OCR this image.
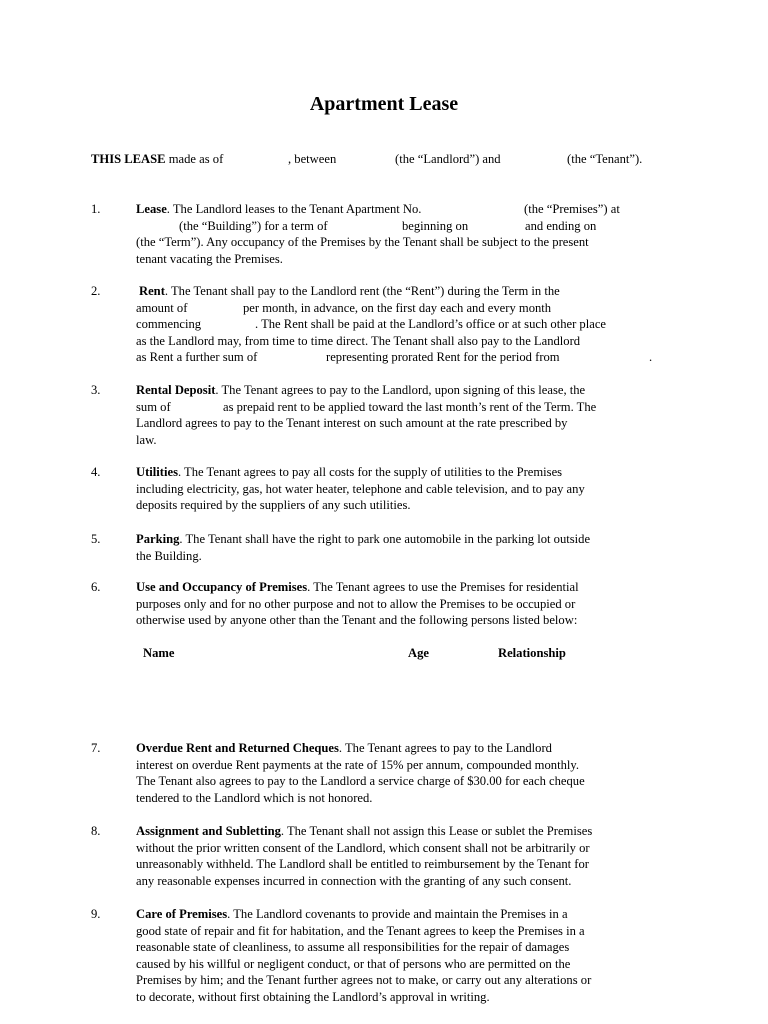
Apartment Lease
THIS LEASE made as of	, between	(the “Landlord”) and	(the “Tenant”).
1.	Lease. The Landlord leases to the Tenant Apartment No.	(the “Premises”) at
(the “Building”) for a term of	beginning on	and ending on
(the “Term”). Any occupancy of the Premises by the Tenant shall be subject to the present
tenant vacating the Premises.
2.	Rent. The Tenant shall pay to the Landlord rent (the “Rent”) during the Term in the
amount of	per month, in advance, on the first day each and every month
commencing	. The Rent shall be paid at the Landlord’s office or at such other place
as the Landlord may, from time to time direct. The Tenant shall also pay to the Landlord
as Rent a further sum of	representing prorated Rent for the period from	.
3.	Rental Deposit. The Tenant agrees to pay to the Landlord, upon signing of this lease, the
sum of	as prepaid rent to be applied toward the last month’s rent of the Term. The
Landlord agrees to pay to the Tenant interest on such amount at the rate prescribed by
law.
4.	Utilities. The Tenant agrees to pay all costs for the supply of utilities to the Premises
including electricity, gas, hot water heater, telephone and cable television, and to pay any
deposits required by the suppliers of any such utilities.
5.	Parking. The Tenant shall have the right to park one automobile in the parking lot outside
the Building.
6.	Use and Occupancy of Premises. The Tenant agrees to use the Premises for residential
purposes only and for no other purpose and not to allow the Premises to be occupied or
otherwise used by anyone other than the Tenant and the following persons listed below:
Name	Age	Relationship
7.	Overdue Rent and Returned Cheques. The Tenant agrees to pay to the Landlord
interest on overdue Rent payments at the rate of 15% per annum, compounded monthly.
The Tenant also agrees to pay to the Landlord a service charge of $30.00 for each cheque
tendered to the Landlord which is not honored.
8.	Assignment and Subletting. The Tenant shall not assign this Lease or sublet the Premises
without the prior written consent of the Landlord, which consent shall not be arbitrarily or
unreasonably withheld. The Landlord shall be entitled to reimbursement by the Tenant for
any reasonable expenses incurred in connection with the granting of any such consent.
9.	Care of Premises. The Landlord covenants to provide and maintain the Premises in a
good state of repair and fit for habitation, and the Tenant agrees to keep the Premises in a
reasonable state of cleanliness, to assume all responsibilities for the repair of damages
caused by his willful or negligent conduct, or that of persons who are permitted on the
Premises by him; and the Tenant further agrees not to make, or carry out any alterations or
to decorate, without first obtaining the Landlord’s approval in writing.
